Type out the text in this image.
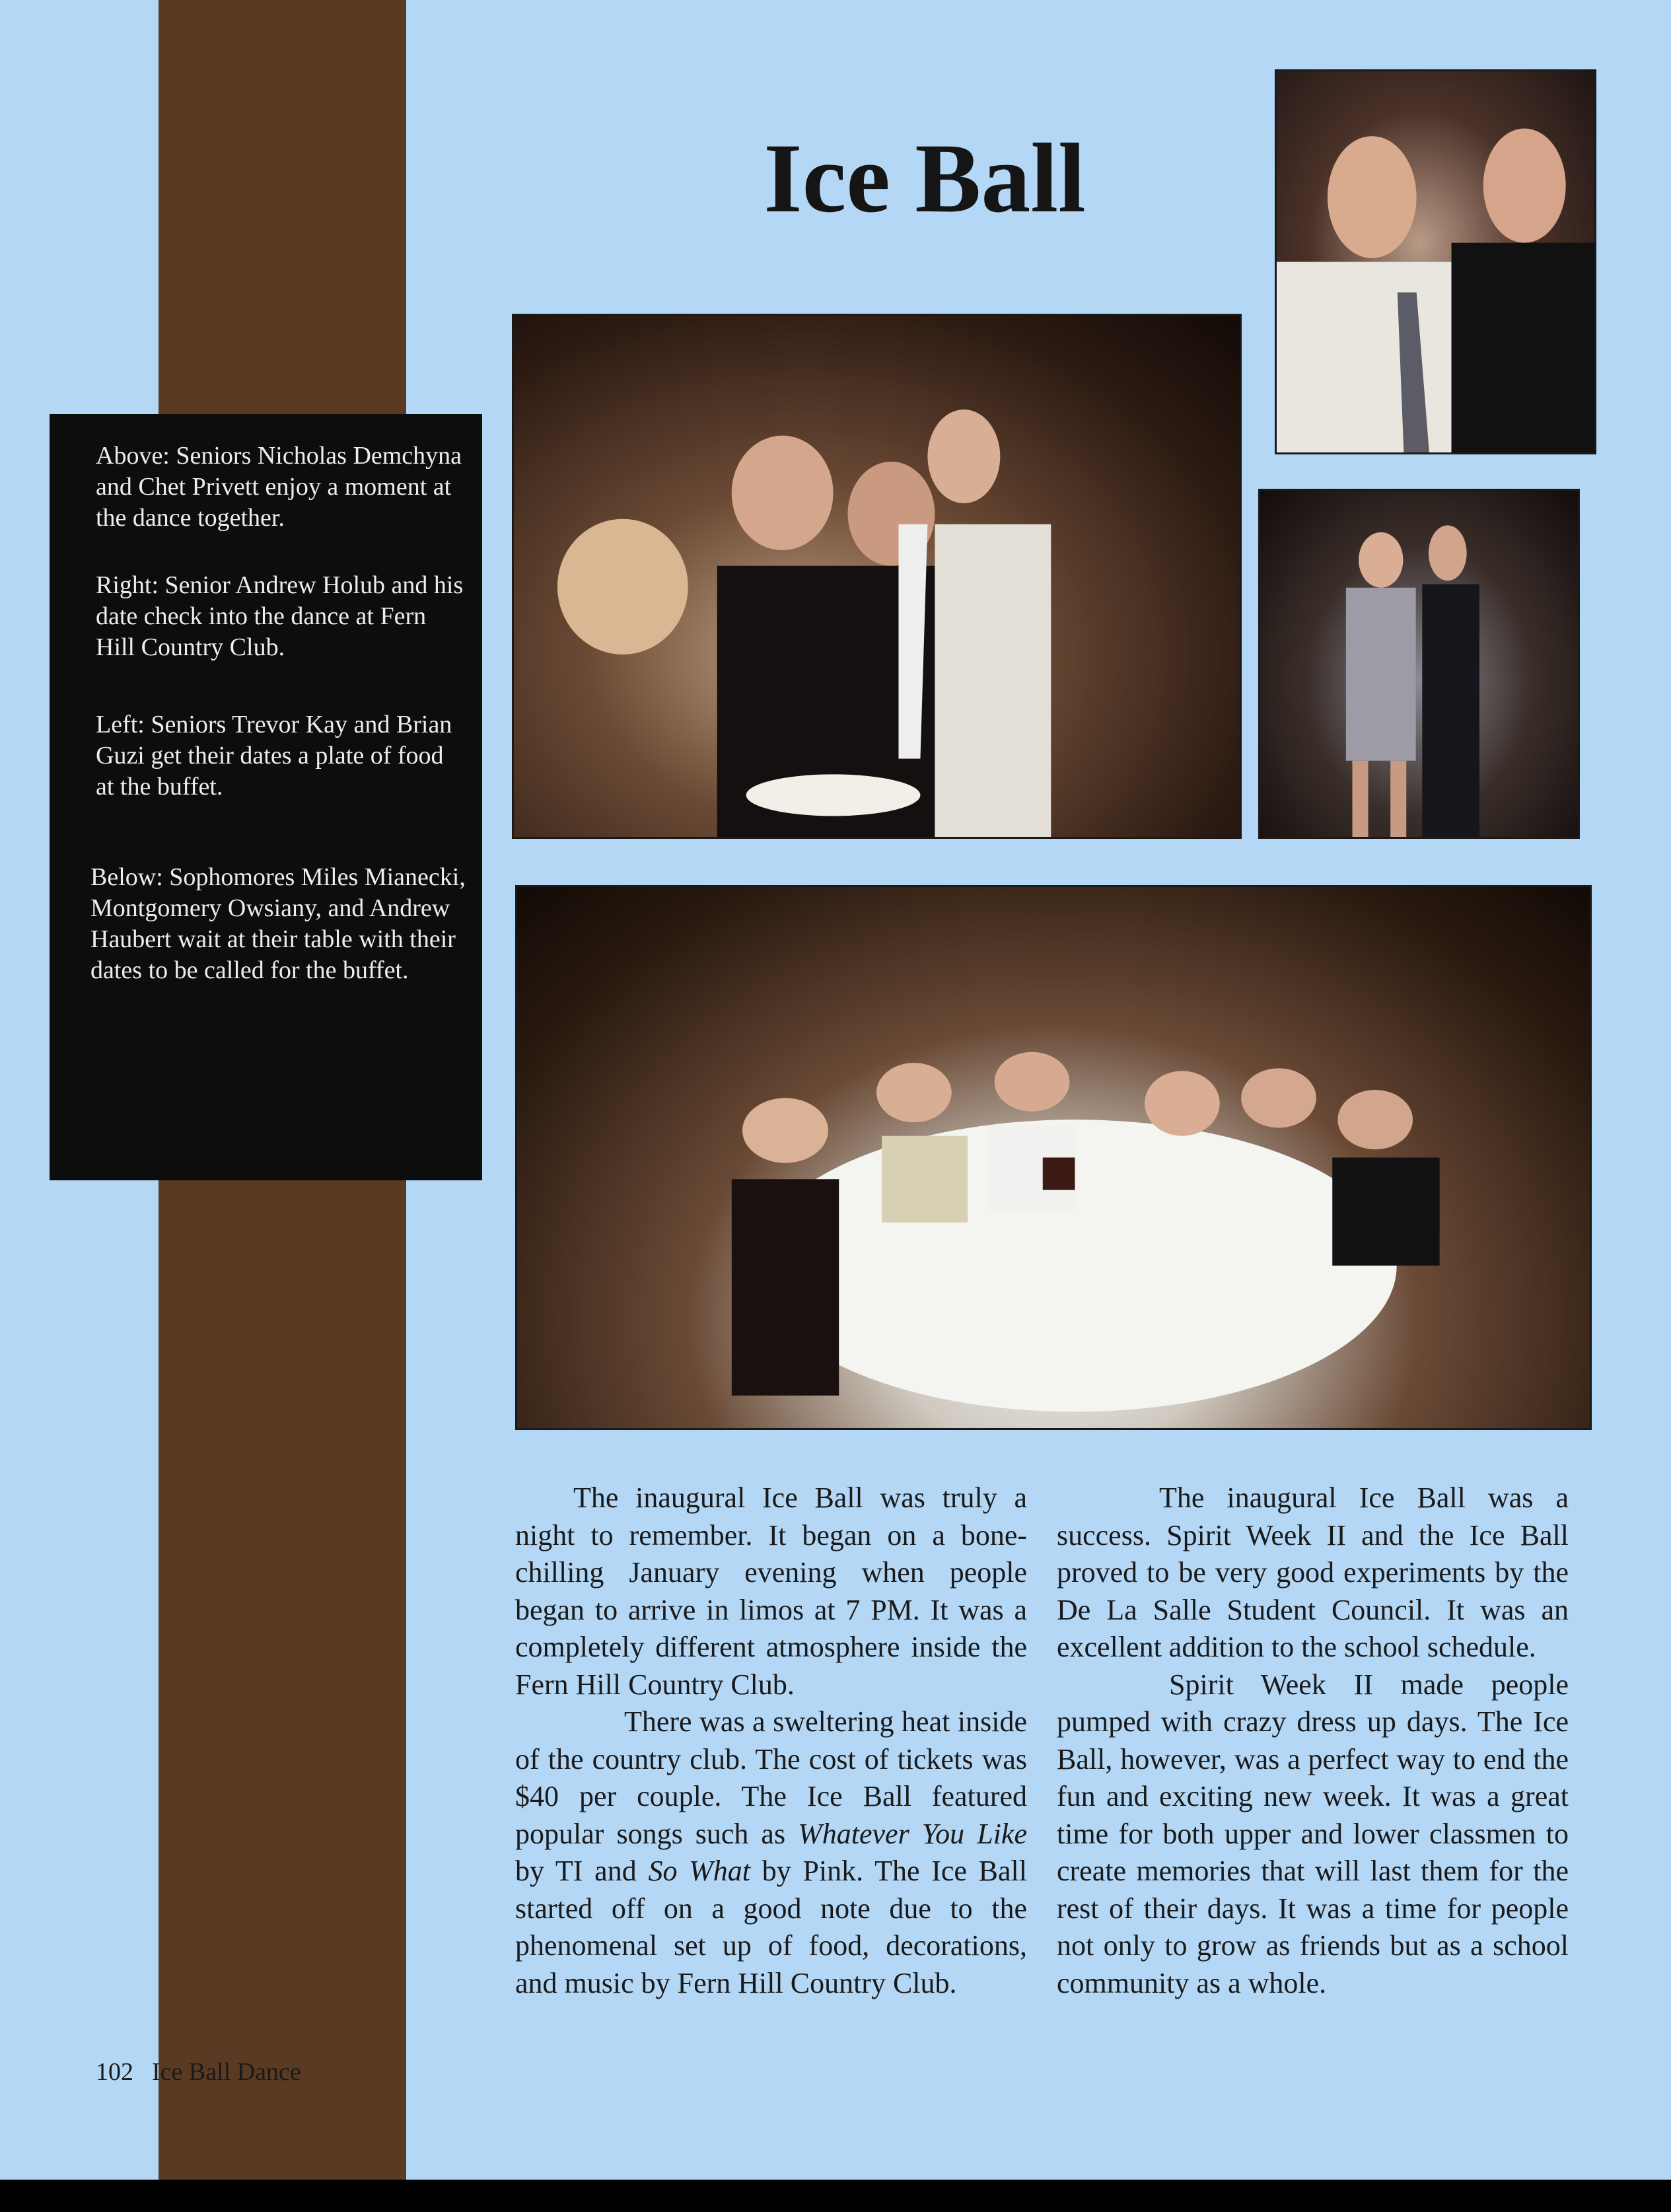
Ice Ball

Above: Seniors Nicholas Demchyna and Chet Privett enjoy a moment at the dance together.

Right: Senior Andrew Holub and his date check into the dance at Fern Hill Country Club.

Left: Seniors Trevor Kay and Brian Guzi get their dates a plate of food at the buffet.

Below: Sophomores Miles Mianecki, Montgomery Owsiany, and Andrew Haubert wait at their table with their dates to be called for the buffet.

The inaugural Ice Ball was truly a night to remember. It began on a bone- chilling January evening when people began to arrive in limos at 7 PM. It was a completely different atmosphere inside the Fern Hill Country Club.

There was a sweltering heat inside of the country club. The cost of tickets was $40 per couple. The Ice Ball featured popular songs such as Whatever You Like by TI and So What by Pink. The Ice Ball started off on a good note due to the phenomenal set up of food, decorations, and music by Fern Hill Country Club.

The inaugural Ice Ball was a success. Spirit Week II and the Ice Ball proved to be very good experiments by the De La Salle Student Council. It was an excellent addition to the school schedule.

Spirit Week II made people pumped with crazy dress up days. The Ice Ball, however, was a perfect way to end the fun and exciting new week. It was a great time for both upper and lower classmen to create memories that will last them for the rest of their days. It was a time for people not only to grow as friends but as a school community as a whole.

102 Ice Ball Dance
